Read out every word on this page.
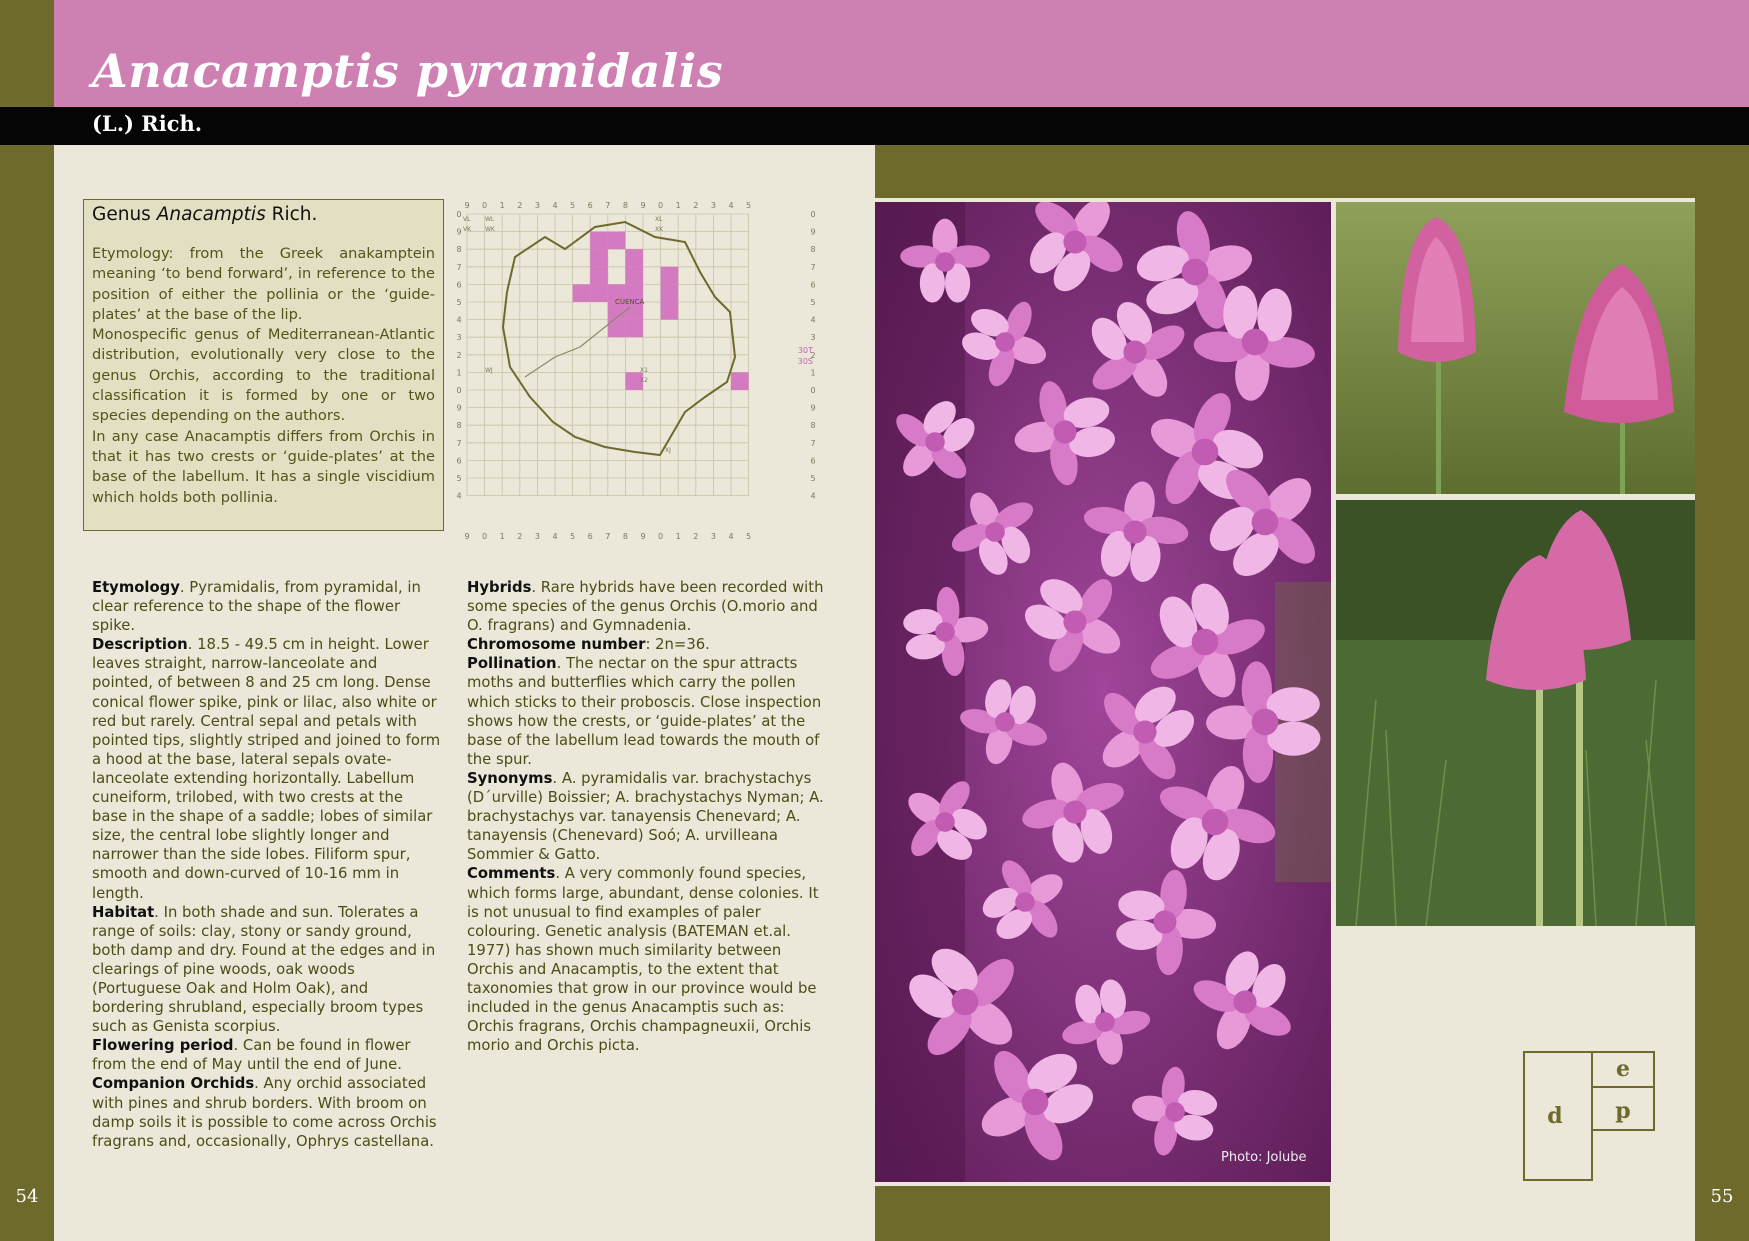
Anacamptis pyramidalis
(L.) Rich.
54	55
Genus Anacamptis Rich.

Etymology: from the Greek anakamptein meaning ‘to bend forward’, in reference to the position of either the pollinia or the ‘guide-plates’ at the base of the lip.

Monospecific genus of Mediterranean-Atlantic distribution, evolutionally very close to the genus Orchis, according to the traditional classification it is formed by one or two species depending on the authors.

In any case Anacamptis differs from Orchis in that it has two crests or ‘guide-plates’ at the base of the labellum. It has a single viscidium which holds both pollinia.

CUENCA
30T
30S
WL
WK
VL
VK
XL
XK
WJ
XJ
X1
X2
9 0 1 2 3 4 5 6 7 8 9 0 1 2 3 4 5
9 0 1 2 3 4 5 6 7 8 9 0 1 2 3 4 5
0
9
8
7
6
5
4
3
2
1
0
9
8
7
6
5
4
0
9
8
7
6
5
4
3
2
1
0
9
8
7
6
5
4

Etymology. Pyramidalis, from pyramidal, in clear reference to the shape of the flower spike.

Description. 18.5 - 49.5 cm in height. Lower leaves straight, narrow-lanceolate and pointed, of between 8 and 25 cm long. Dense conical flower spike, pink or lilac, also white or red but rarely. Central sepal and petals with pointed tips, slightly striped and joined to form a hood at the base, lateral sepals ovate-lanceolate extending horizontally. Labellum cuneiform, trilobed, with two crests at the base in the shape of a saddle; lobes of similar size, the central lobe slightly longer and narrower than the side lobes. Filiform spur, smooth and down-curved of 10-16 mm in length.

Habitat. In both shade and sun. Tolerates a range of soils: clay, stony or sandy ground, both damp and dry. Found at the edges and in clearings of pine woods, oak woods (Portuguese Oak and Holm Oak), and bordering shrubland, especially broom types such as Genista scorpius.

Flowering period. Can be found in flower from the end of May until the end of June.

Companion Orchids. Any orchid associated with pines and shrub borders. With broom on damp soils it is possible to come across Orchis fragrans and, occasionally, Ophrys castellana.

Hybrids. Rare hybrids have been recorded with some species of the genus Orchis (O.morio and O. fragrans) and Gymnadenia.

Chromosome number: 2n=36.

Pollination. The nectar on the spur attracts moths and butterflies which carry the pollen which sticks to their proboscis. Close inspection shows how the crests, or ‘guide-plates’ at the base of the labellum lead towards the mouth of the spur.

Synonyms. A. pyramidalis var. brachystachys (D´urville) Boissier; A. brachystachys Nyman; A. brachystachys var. tanayensis Chenevard; A. tanayensis (Chenevard) Soó; A. urvilleana Sommier & Gatto.

Comments. A very commonly found species, which forms large, abundant, dense colonies. It is not unusual to find examples of paler colouring. Genetic analysis (BATEMAN et.al. 1977) has shown much similarity between Orchis and Anacamptis, to the extent that taxonomies that grow in our province would be included in the genus Anacamptis such as: Orchis fragrans, Orchis champagneuxii, Orchis morio and Orchis picta.

Photo: Jolube
e
d p
